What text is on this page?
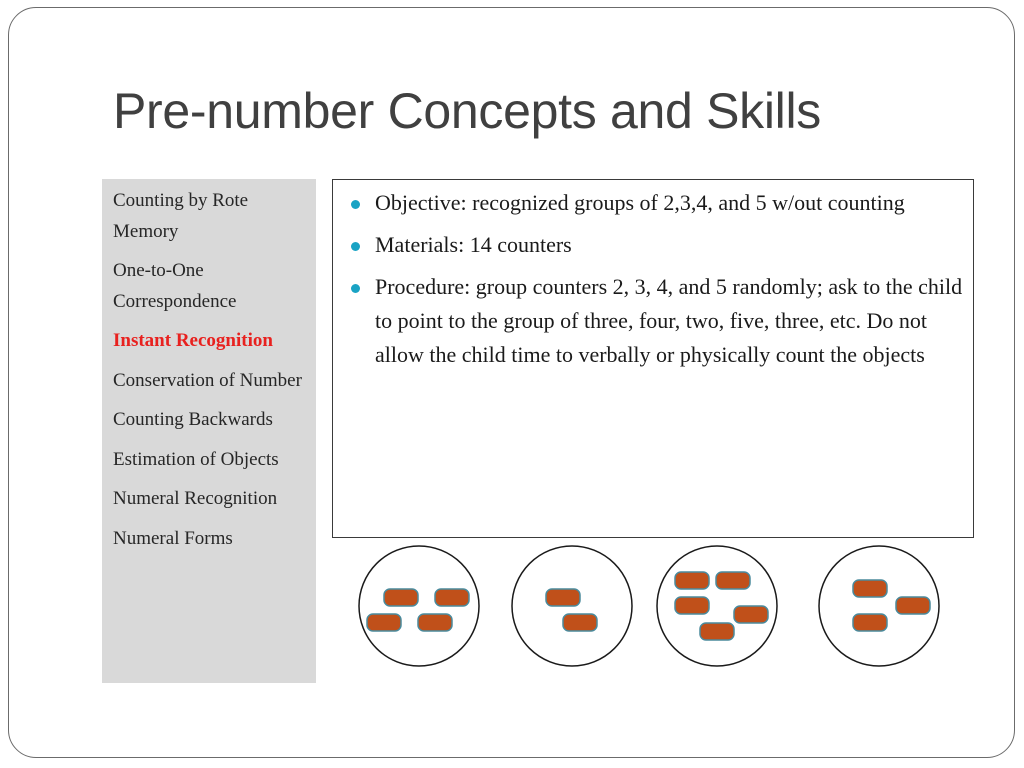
Pre-number Concepts and Skills
Counting by Rote Memory
One-to-One Correspondence
Instant Recognition
Conservation of Number
Counting Backwards
Estimation of Objects
Numeral Recognition
Numeral Forms
Objective: recognized groups of 2,3,4, and 5 w/out counting
Materials: 14 counters
Procedure: group counters 2, 3, 4, and 5 randomly; ask to the child to point to the group of three, four, two, five, three, etc. Do not allow the child time to verbally or physically count the objects
